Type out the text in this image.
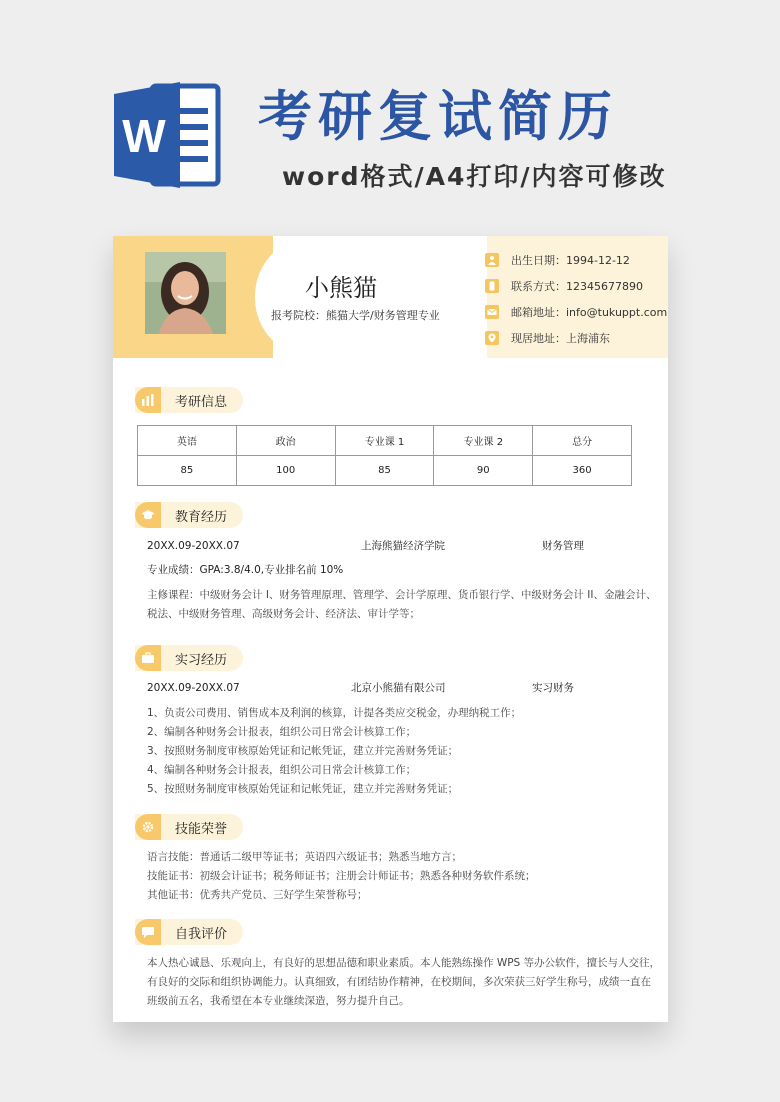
W 考研复试简历
word格式/A4打印/内容可修改
小熊猫
报考院校：熊猫大学/财务管理专业
出生日期：1994-12-12
联系方式：12345677890
邮箱地址：info@tukuppt.com
现居地址：上海浦东
考研信息
英语	政治	专业课 1	专业课 2	总分
85	100	85	90	360
教育经历
20XX.09-20XX.07	上海熊猫经济学院	财务管理
专业成绩：GPA:3.8/4.0,专业排名前 10%
主修课程：中级财务会计 I、财务管理原理、管理学、会计学原理、货币银行学、中级财务会计 II、金融会计、
税法、中级财务管理、高级财务会计、经济法、审计学等；
实习经历
20XX.09-20XX.07	北京小熊猫有限公司	实习财务
1、负责公司费用、销售成本及利润的核算，计提各类应交税金，办理纳税工作；
2、编制各种财务会计报表，组织公司日常会计核算工作；
3、按照财务制度审核原始凭证和记帐凭证，建立并完善财务凭证；
4、编制各种财务会计报表，组织公司日常会计核算工作；
5、按照财务制度审核原始凭证和记帐凭证，建立并完善财务凭证；
技能荣誉
语言技能：普通话二级甲等证书；英语四六级证书；熟悉当地方言；
技能证书：初级会计证书；税务师证书；注册会计师证书；熟悉各种财务软件系统；
其他证书：优秀共产党员、三好学生荣誉称号；
自我评价
本人热心诚恳、乐观向上，有良好的思想品德和职业素质。本人能熟练操作 WPS 等办公软件，擅长与人交往，
有良好的交际和组织协调能力。认真细致，有团结协作精神，在校期间，多次荣获三好学生称号，成绩一直在
班级前五名，我希望在本专业继续深造，努力提升自己。
